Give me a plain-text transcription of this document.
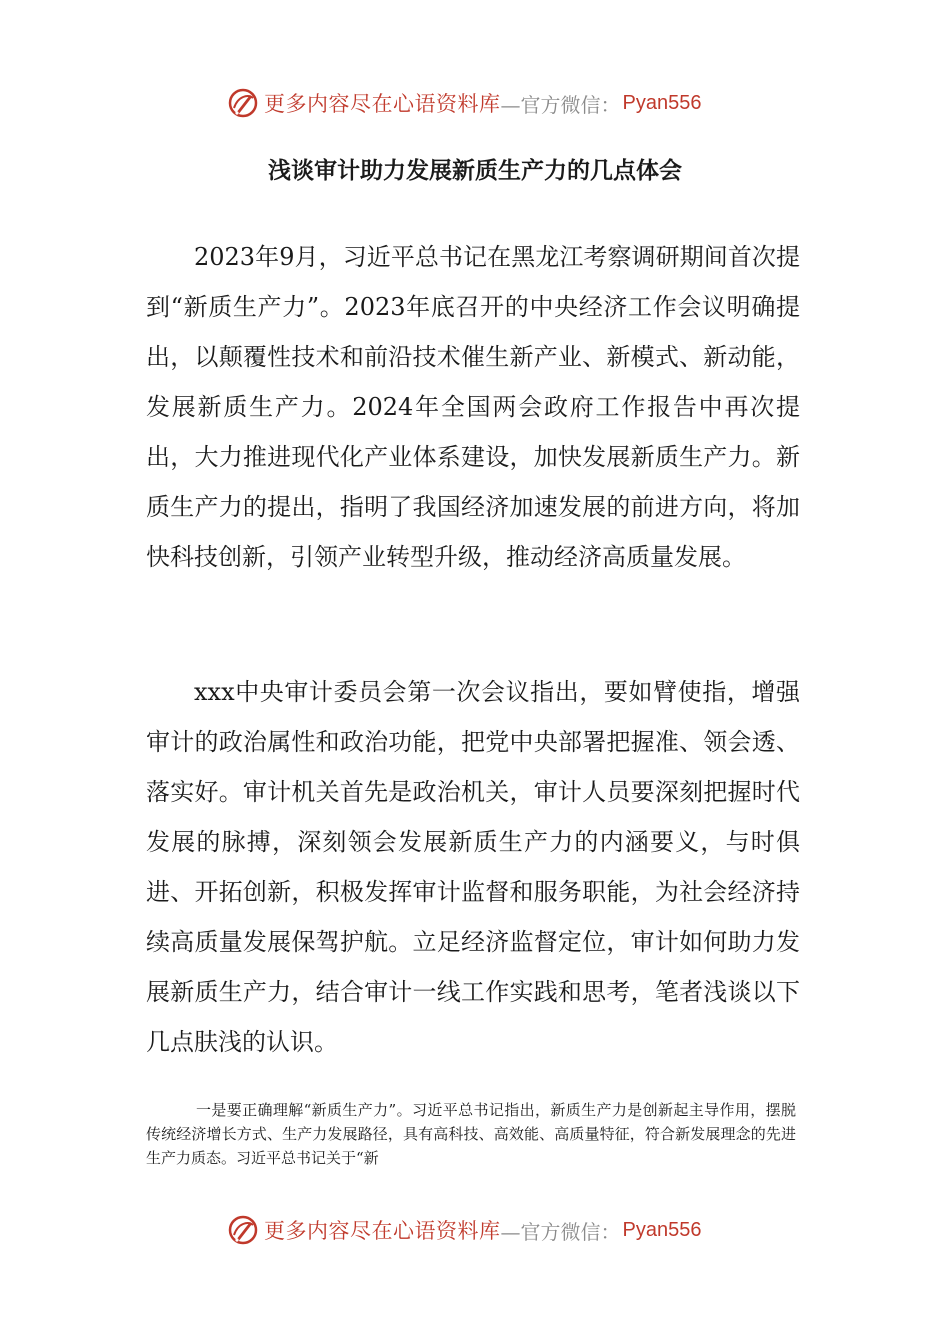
更多内容尽在心语资料库 —官方微信： Pyan556
浅谈审计助力发展新质生产力的几点体会

2023年9月，习近平总书记在黑龙江考察调研期间首次提到“新质生产力”。2023年底召开的中央经济工作会议明确提出，以颠覆性技术和前沿技术催生新产业、新模式、新动能，发展新质生产力。2024年全国两会政府工作报告中再次提出，大力推进现代化产业体系建设，加快发展新质生产力。新质生产力的提出，指明了我国经济加速发展的前进方向，将加快科技创新，引领产业转型升级，推动经济高质量发展。

xxx中央审计委员会第一次会议指出，要如臂使指，增强审计的政治属性和政治功能，把党中央部署把握准、领会透、落实好。审计机关首先是政治机关，审计人员要深刻把握时代发展的脉搏，深刻领会发展新质生产力的内涵要义，与时俱进、开拓创新，积极发挥审计监督和服务职能，为社会经济持续高质量发展保驾护航。立足经济监督定位，审计如何助力发展新质生产力，结合审计一线工作实践和思考，笔者浅谈以下几点肤浅的认识。

一是要正确理解“新质生产力”。习近平总书记指出，新质生产力是创新起主导作用，摆脱传统经济增长方式、生产力发展路径，具有高科技、高效能、高质量特征，符合新发展理念的先进生产力质态。习近平总书记关于“新

更多内容尽在心语资料库 —官方微信： Pyan556
